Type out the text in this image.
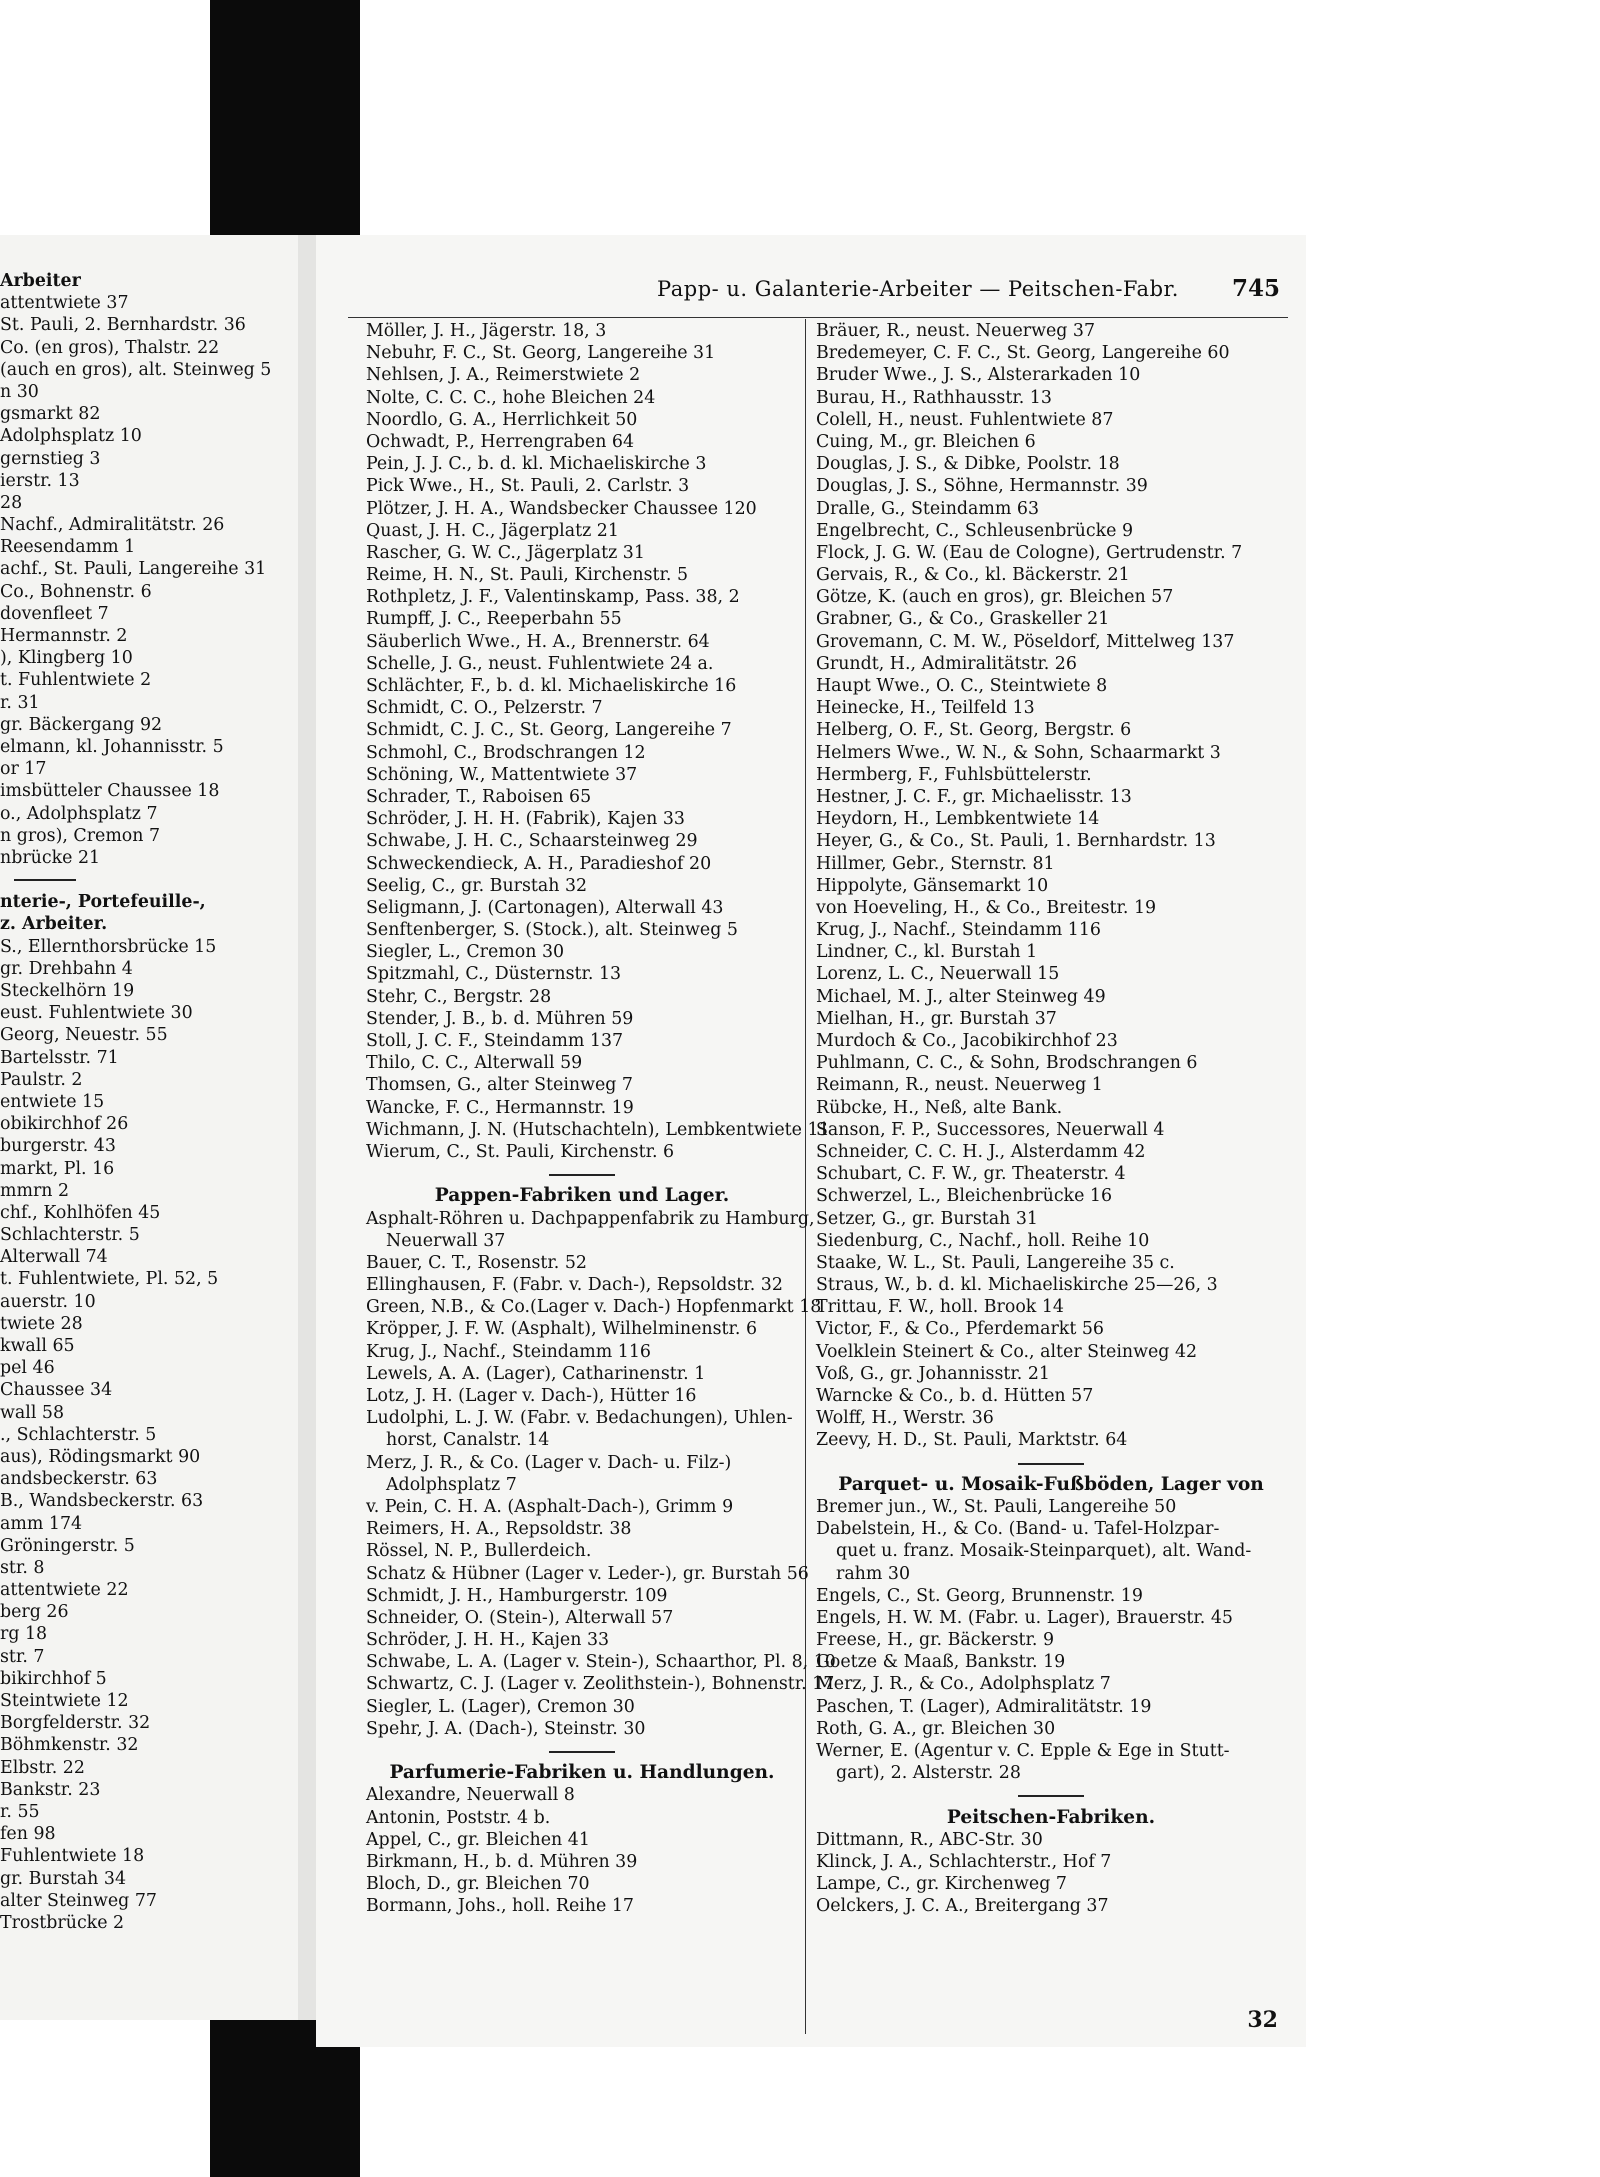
Arbeiter
attentwiete 37
St. Pauli, 2. Bernhardstr. 36
Co. (en gros), Thalstr. 22
(auch en gros), alt. Steinweg 5
n 30
gsmarkt 82
Adolphsplatz 10
gernstieg 3
ierstr. 13
28
Nachf., Admiralitätstr. 26
Reesendamm 1
achf., St. Pauli, Langereihe 31
Co., Bohnenstr. 6
dovenfleet 7
Hermannstr. 2
), Klingberg 10
t. Fuhlentwiete 2
r. 31
gr. Bäckergang 92
elmann, kl. Johannisstr. 5
or 17
imsbütteler Chaussee 18
o., Adolphsplatz 7
n gros), Cremon 7
nbrücke 21
nterie-, Portefeuille-,
z. Arbeiter.
S., Ellernthorsbrücke 15
gr. Drehbahn 4
Steckelhörn 19
eust. Fuhlentwiete 30
Georg, Neuestr. 55
Bartelsstr. 71
Paulstr. 2
entwiete 15
obikirchhof 26
burgerstr. 43
markt, Pl. 16
mmrn 2
chf., Kohlhöfen 45
Schlachterstr. 5
Alterwall 74
t. Fuhlentwiete, Pl. 52, 5
auerstr. 10
twiete 28
kwall 65
pel 46
Chaussee 34
wall 58
., Schlachterstr. 5
aus), Rödingsmarkt 90
andsbeckerstr. 63
B., Wandsbeckerstr. 63
amm 174
Gröningerstr. 5
str. 8
attentwiete 22
berg 26
rg 18
str. 7
bikirchhof 5
Steintwiete 12
Borgfelderstr. 32
Böhmkenstr. 32
Elbstr. 22
Bankstr. 23
r. 55
fen 98
Fuhlentwiete 18
gr. Burstah 34
alter Steinweg 77
Trostbrücke 2
Papp- u. Galanterie-Arbeiter — Peitschen-Fabr.	745
Möller, J. H., Jägerstr. 18, 3
Nebuhr, F. C., St. Georg, Langereihe 31
Nehlsen, J. A., Reimerstwiete 2
Nolte, C. C. C., hohe Bleichen 24
Noordlo, G. A., Herrlichkeit 50
Ochwadt, P., Herrengraben 64
Pein, J. J. C., b. d. kl. Michaeliskirche 3
Pick Wwe., H., St. Pauli, 2. Carlstr. 3
Plötzer, J. H. A., Wandsbecker Chaussee 120
Quast, J. H. C., Jägerplatz 21
Rascher, G. W. C., Jägerplatz 31
Reime, H. N., St. Pauli, Kirchenstr. 5
Rothpletz, J. F., Valentinskamp, Pass. 38, 2
Rumpff, J. C., Reeperbahn 55
Säuberlich Wwe., H. A., Brennerstr. 64
Schelle, J. G., neust. Fuhlentwiete 24 a.
Schlächter, F., b. d. kl. Michaeliskirche 16
Schmidt, C. O., Pelzerstr. 7
Schmidt, C. J. C., St. Georg, Langereihe 7
Schmohl, C., Brodschrangen 12
Schöning, W., Mattentwiete 37
Schrader, T., Raboisen 65
Schröder, J. H. H. (Fabrik), Kajen 33
Schwabe, J. H. C., Schaarsteinweg 29
Schweckendieck, A. H., Paradieshof 20
Seelig, C., gr. Burstah 32
Seligmann, J. (Cartonagen), Alterwall 43
Senftenberger, S. (Stock.), alt. Steinweg 5
Siegler, L., Cremon 30
Spitzmahl, C., Düsternstr. 13
Stehr, C., Bergstr. 28
Stender, J. B., b. d. Mühren 59
Stoll, J. C. F., Steindamm 137
Thilo, C. C., Alterwall 59
Thomsen, G., alter Steinweg 7
Wancke, F. C., Hermannstr. 19
Wichmann, J. N. (Hutschachteln), Lembkentwiete 11
Wierum, C., St. Pauli, Kirchenstr. 6
Pappen-Fabriken und Lager.
Asphalt-Röhren u. Dachpappenfabrik zu Hamburg,
Neuerwall 37
Bauer, C. T., Rosenstr. 52
Ellinghausen, F. (Fabr. v. Dach-), Repsoldstr. 32
Green, N.B., & Co.(Lager v. Dach-) Hopfenmarkt 18
Kröpper, J. F. W. (Asphalt), Wilhelminenstr. 6
Krug, J., Nachf., Steindamm 116
Lewels, A. A. (Lager), Catharinenstr. 1
Lotz, J. H. (Lager v. Dach-), Hütter 16
Ludolphi, L. J. W. (Fabr. v. Bedachungen), Uhlen-
horst, Canalstr. 14
Merz, J. R., & Co. (Lager v. Dach- u. Filz-)
Adolphsplatz 7
v. Pein, C. H. A. (Asphalt-Dach-), Grimm 9
Reimers, H. A., Repsoldstr. 38
Rössel, N. P., Bullerdeich.
Schatz & Hübner (Lager v. Leder-), gr. Burstah 56
Schmidt, J. H., Hamburgerstr. 109
Schneider, O. (Stein-), Alterwall 57
Schröder, J. H. H., Kajen 33
Schwabe, L. A. (Lager v. Stein-), Schaarthor, Pl. 8, 10
Schwartz, C. J. (Lager v. Zeolithstein-), Bohnenstr. 17
Siegler, L. (Lager), Cremon 30
Spehr, J. A. (Dach-), Steinstr. 30
Parfumerie-Fabriken u. Handlungen.
Alexandre, Neuerwall 8
Antonin, Poststr. 4 b.
Appel, C., gr. Bleichen 41
Birkmann, H., b. d. Mühren 39
Bloch, D., gr. Bleichen 70
Bormann, Johs., holl. Reihe 17
Bräuer, R., neust. Neuerweg 37
Bredemeyer, C. F. C., St. Georg, Langereihe 60
Bruder Wwe., J. S., Alsterarkaden 10
Burau, H., Rathhausstr. 13
Colell, H., neust. Fuhlentwiete 87
Cuing, M., gr. Bleichen 6
Douglas, J. S., & Dibke, Poolstr. 18
Douglas, J. S., Söhne, Hermannstr. 39
Dralle, G., Steindamm 63
Engelbrecht, C., Schleusenbrücke 9
Flock, J. G. W. (Eau de Cologne), Gertrudenstr. 7
Gervais, R., & Co., kl. Bäckerstr. 21
Götze, K. (auch en gros), gr. Bleichen 57
Grabner, G., & Co., Graskeller 21
Grovemann, C. M. W., Pöseldorf, Mittelweg 137
Grundt, H., Admiralitätstr. 26
Haupt Wwe., O. C., Steintwiete 8
Heinecke, H., Teilfeld 13
Helberg, O. F., St. Georg, Bergstr. 6
Helmers Wwe., W. N., & Sohn, Schaarmarkt 3
Hermberg, F., Fuhlsbüttelerstr.
Hestner, J. C. F., gr. Michaelisstr. 13
Heydorn, H., Lembkentwiete 14
Heyer, G., & Co., St. Pauli, 1. Bernhardstr. 13
Hillmer, Gebr., Sternstr. 81
Hippolyte, Gänsemarkt 10
von Hoeveling, H., & Co., Breitestr. 19
Krug, J., Nachf., Steindamm 116
Lindner, C., kl. Burstah 1
Lorenz, L. C., Neuerwall 15
Michael, M. J., alter Steinweg 49
Mielhan, H., gr. Burstah 37
Murdoch & Co., Jacobikirchhof 23
Puhlmann, C. C., & Sohn, Brodschrangen 6
Reimann, R., neust. Neuerweg 1
Rübcke, H., Neß, alte Bank.
Sanson, F. P., Successores, Neuerwall 4
Schneider, C. C. H. J., Alsterdamm 42
Schubart, C. F. W., gr. Theaterstr. 4
Schwerzel, L., Bleichenbrücke 16
Setzer, G., gr. Burstah 31
Siedenburg, C., Nachf., holl. Reihe 10
Staake, W. L., St. Pauli, Langereihe 35 c.
Straus, W., b. d. kl. Michaeliskirche 25—26, 3
Trittau, F. W., holl. Brook 14
Victor, F., & Co., Pferdemarkt 56
Voelklein Steinert & Co., alter Steinweg 42
Voß, G., gr. Johannisstr. 21
Warncke & Co., b. d. Hütten 57
Wolff, H., Werstr. 36
Zeevy, H. D., St. Pauli, Marktstr. 64
Parquet- u. Mosaik-Fußböden, Lager von
Bremer jun., W., St. Pauli, Langereihe 50
Dabelstein, H., & Co. (Band- u. Tafel-Holzpar-
quet u. franz. Mosaik-Steinparquet), alt. Wand-
rahm 30
Engels, C., St. Georg, Brunnenstr. 19
Engels, H. W. M. (Fabr. u. Lager), Brauerstr. 45
Freese, H., gr. Bäckerstr. 9
Goetze & Maaß, Bankstr. 19
Merz, J. R., & Co., Adolphsplatz 7
Paschen, T. (Lager), Admiralitätstr. 19
Roth, G. A., gr. Bleichen 30
Werner, E. (Agentur v. C. Epple & Ege in Stutt-
gart), 2. Alsterstr. 28
Peitschen-Fabriken.
Dittmann, R., ABC-Str. 30
Klinck, J. A., Schlachterstr., Hof 7
Lampe, C., gr. Kirchenweg 7
Oelckers, J. C. A., Breitergang 37
32
